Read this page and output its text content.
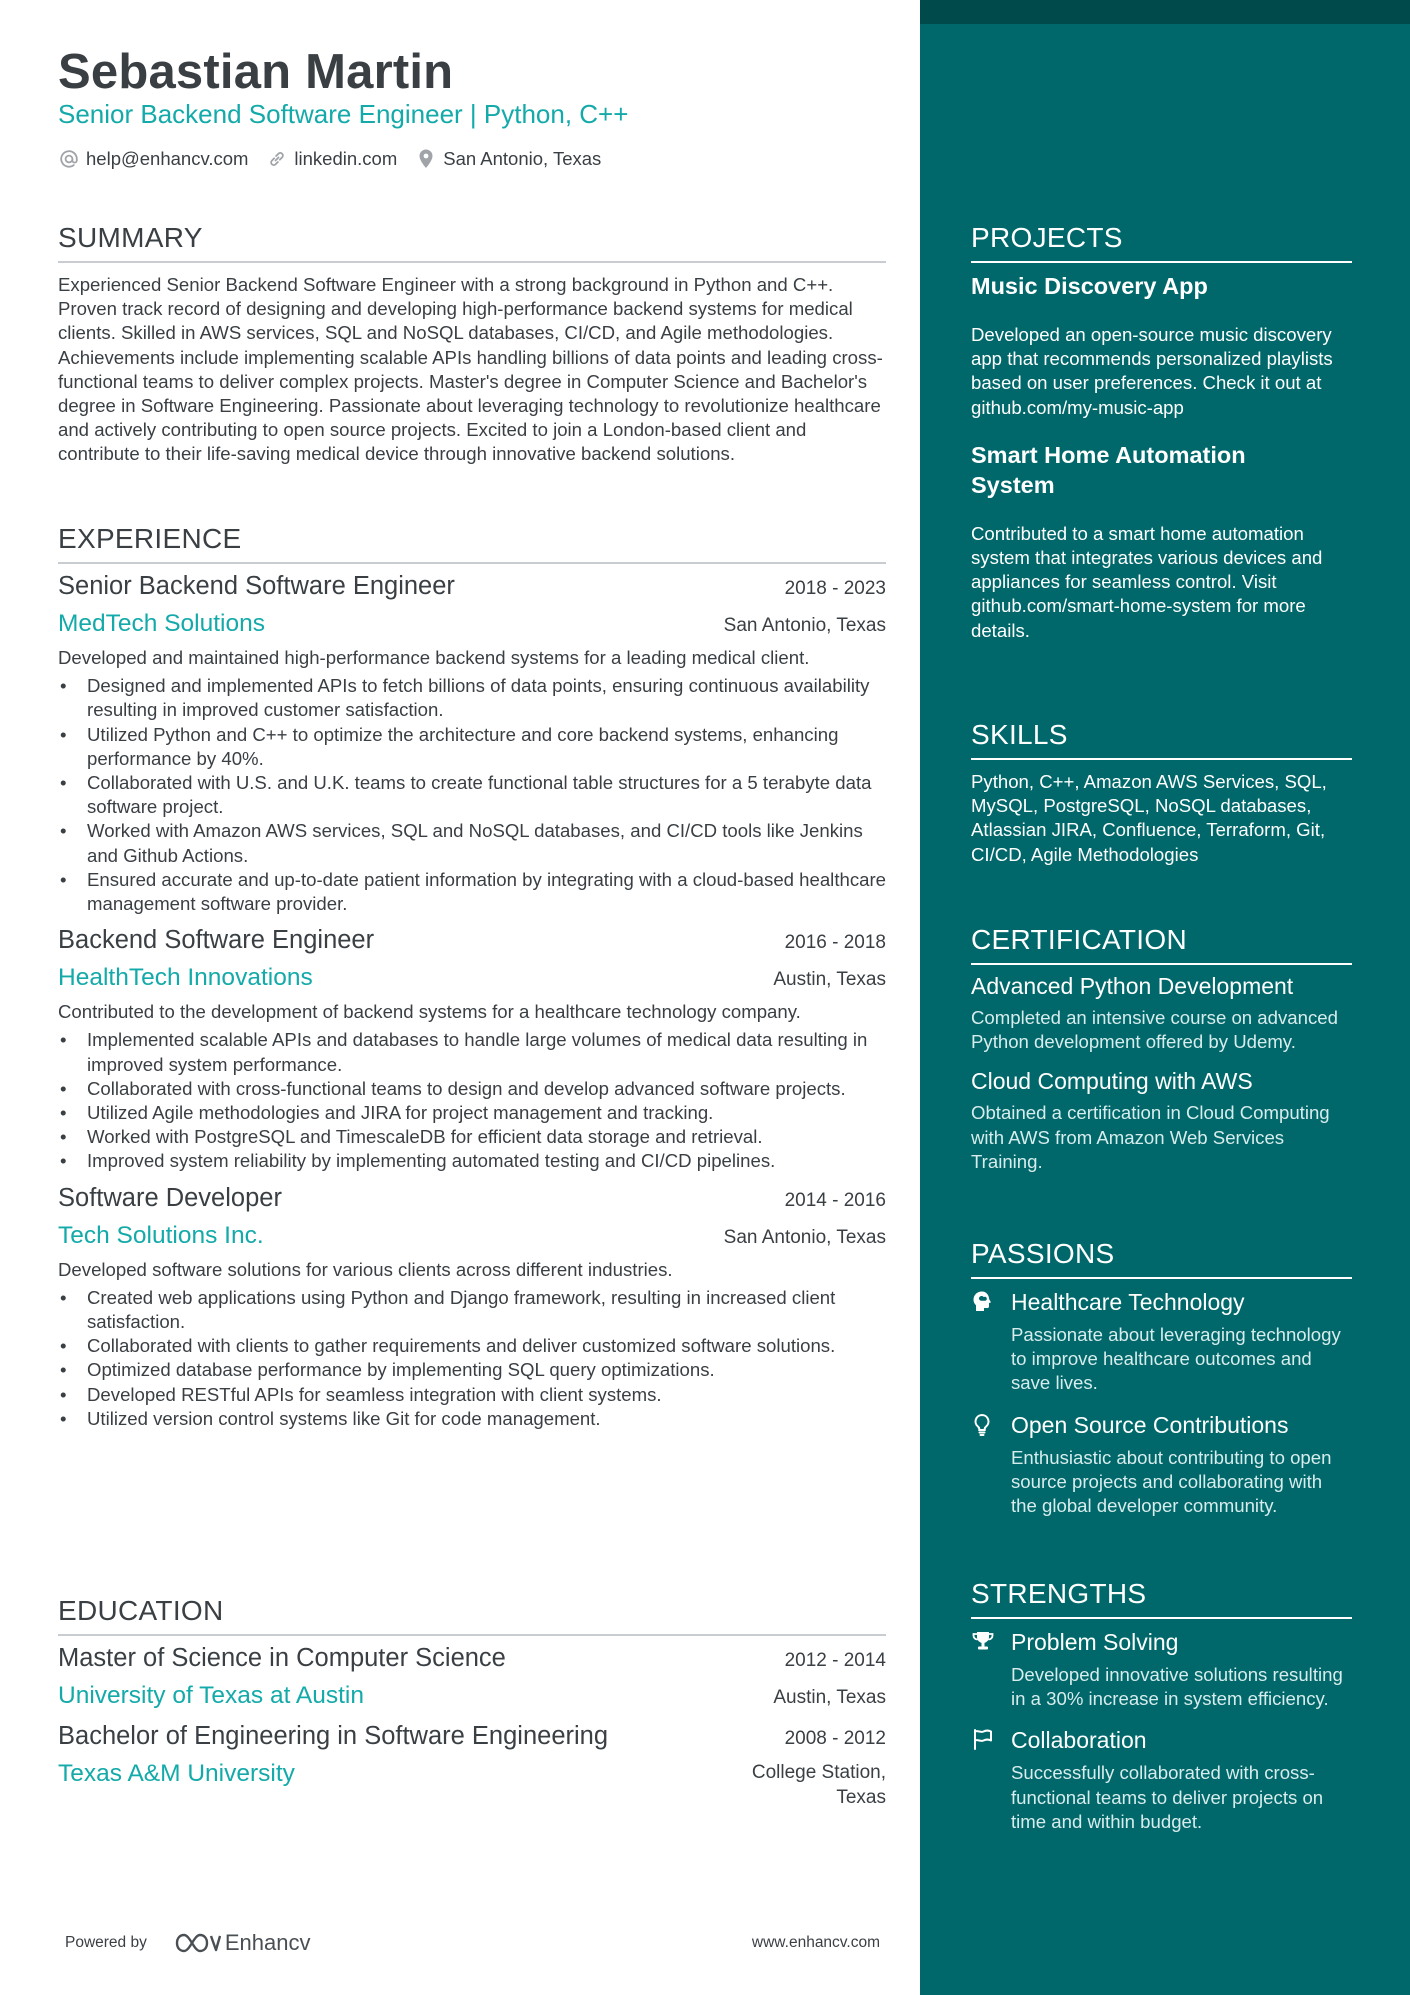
Sebastian Martin
Senior Backend Software Engineer | Python, C++
help@enhancv.com linkedin.com San Antonio, Texas
SUMMARY
Experienced Senior Backend Software Engineer with a strong background in Python and C++. Proven track record of designing and developing high-performance backend systems for medical clients. Skilled in AWS services, SQL and NoSQL databases, CI/CD, and Agile methodologies. Achievements include implementing scalable APIs handling billions of data points and leading cross-functional teams to deliver complex projects. Master's degree in Computer Science and Bachelor's degree in Software Engineering. Passionate about leveraging technology to revolutionize healthcare and actively contributing to open source projects. Excited to join a London-based client and contribute to their life-saving medical device through innovative backend solutions.
EXPERIENCE
Senior Backend Software Engineer	2018 - 2023
MedTech Solutions	San Antonio, Texas
Developed and maintained high-performance backend systems for a leading medical client.
• Designed and implemented APIs to fetch billions of data points, ensuring continuous availability resulting in improved customer satisfaction.
• Utilized Python and C++ to optimize the architecture and core backend systems, enhancing performance by 40%.
• Collaborated with U.S. and U.K. teams to create functional table structures for a 5 terabyte data software project.
• Worked with Amazon AWS services, SQL and NoSQL databases, and CI/CD tools like Jenkins and Github Actions.
• Ensured accurate and up-to-date patient information by integrating with a cloud-based healthcare management software provider.
Backend Software Engineer	2016 - 2018
HealthTech Innovations	Austin, Texas
Contributed to the development of backend systems for a healthcare technology company.
• Implemented scalable APIs and databases to handle large volumes of medical data resulting in improved system performance.
• Collaborated with cross-functional teams to design and develop advanced software projects.
• Utilized Agile methodologies and JIRA for project management and tracking.
• Worked with PostgreSQL and TimescaleDB for efficient data storage and retrieval.
• Improved system reliability by implementing automated testing and CI/CD pipelines.
Software Developer	2014 - 2016
Tech Solutions Inc.	San Antonio, Texas
Developed software solutions for various clients across different industries.
• Created web applications using Python and Django framework, resulting in increased client satisfaction.
• Collaborated with clients to gather requirements and deliver customized software solutions.
• Optimized database performance by implementing SQL query optimizations.
• Developed RESTful APIs for seamless integration with client systems.
• Utilized version control systems like Git for code management.
EDUCATION
Master of Science in Computer Science	2012 - 2014
University of Texas at Austin	Austin, Texas
Bachelor of Engineering in Software Engineering	2008 - 2012
Texas A&M University	College Station,
Texas
Powered by	Enhancv	www.enhancv.com
PROJECTS
Music Discovery App
Developed an open-source music discovery app that recommends personalized playlists based on user preferences. Check it out at github.com/my-music-app
Smart Home Automation
System
Contributed to a smart home automation system that integrates various devices and appliances for seamless control. Visit github.com/smart-home-system for more details.
SKILLS
Python, C++, Amazon AWS Services, SQL, MySQL, PostgreSQL, NoSQL databases, Atlassian JIRA, Confluence, Terraform, Git, CI/CD, Agile Methodologies
CERTIFICATION
Advanced Python Development
Completed an intensive course on advanced Python development offered by Udemy.
Cloud Computing with AWS
Obtained a certification in Cloud Computing with AWS from Amazon Web Services Training.
PASSIONS
Healthcare Technology
Passionate about leveraging technology to improve healthcare outcomes and save lives.
Open Source Contributions
Enthusiastic about contributing to open source projects and collaborating with the global developer community.
STRENGTHS
Problem Solving
Developed innovative solutions resulting in a 30% increase in system efficiency.
Collaboration
Successfully collaborated with cross-functional teams to deliver projects on time and within budget.
